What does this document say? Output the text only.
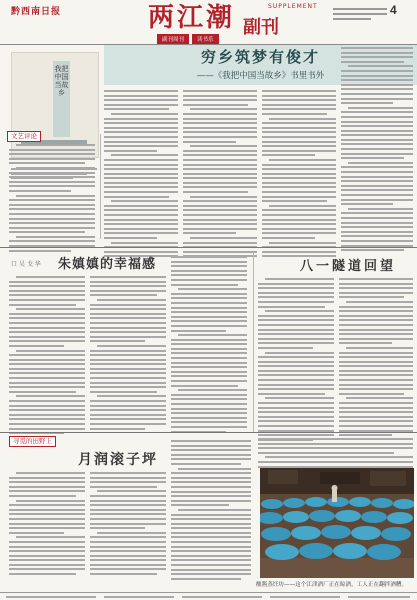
黔西南日报	两江潮 副刊
SUPPLEMENT
副刊周刊	读书乐
4
穷乡筑梦有俊才
——《我把中国当故乡》书里书外
我把中国当故乡
文艺评论
朱嫃嫃的幸福感
口 吴 戈 华	八一隧道回望
寻觅的田野上
月润滚子坪
酿酱蒸饪坊——这个江津酒厂正在晾酒，工人正在翻拌酒糟。
